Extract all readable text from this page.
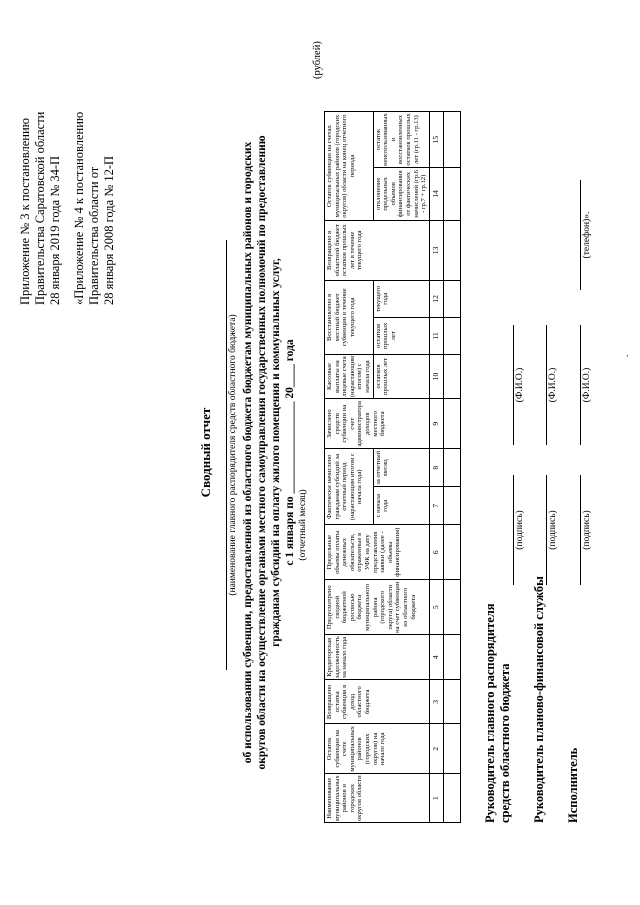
Приложение № 3 к постановлению Правительства Саратовской области 28 января 2019 года № 34-П «Приложение № 4 к постановлению Правительства области от 28 января 2008 года № 12-П
Сводный отчет (наименование главного распорядителя средств областного бюджета) об использовании субвенции, предоставленной из областного бюджета бюджетам муниципальных районов и городских округов области на осуществление органами местного самоуправления государственных полномочий по предоставлению гражданам субсидий на оплату жилого помещения и коммунальных услуг, с 1 января по ________________ 20____ года (отчетный месяц)
(рублей)
Наименование муниципальных районов и городских округов области	Остаток субвенции на счете муниципальных районов (городских округов) на начало года	Возвращено остатка субвенции в доход областного бюджета	Кредиторская задолженность на начало года	Предусмотрено сводной бюджетной росписью бюджета муниципального района (городского округа) области на счет субвенции из областного бюджета	Предельные объемы оплаты денежных обязательств, отраженные в УФК на дату представления заявки (далее - объемы финансирования)	Фактически начислено гражданам субсидий за отчетный период (нарастающим итогом с начала года)		Зачислено средств субвенции на счет администратора доходов местного бюджета	Кассовые выплаты на лицевые счета (нарастающим итогом) с начала года	Восстановлено в местный бюджет субвенции в течение текущего года		Возвращено в областной бюджет остатков прошлых лет в течение текущего года	Остаток субвенции на счетах муниципальных районов (городских округов) области на конец отчетного периода	
						с начала года	за отчетный месяц		остатков прошлых лет	остатков прошлых лет	текущего года		отклонение предельных объемов финансирования от фактических начислений (гр.6 - гр.7 + гр.12)	остаток неиспользованных и восстановленных остатков прошлых лет (гр.11 - гр.13)
1	2	3	4	5	6	7	8	9	10	11	12	13	14	15

Руководитель главного распорядителя средств областного бюджета
(подпись)
(Ф.И.О.)
Руководитель планово-финансовой службы
(подпись)
(Ф.И.О.)
Исполнитель
(подпись)
(Ф.И.О.)
(телефон)».
.
